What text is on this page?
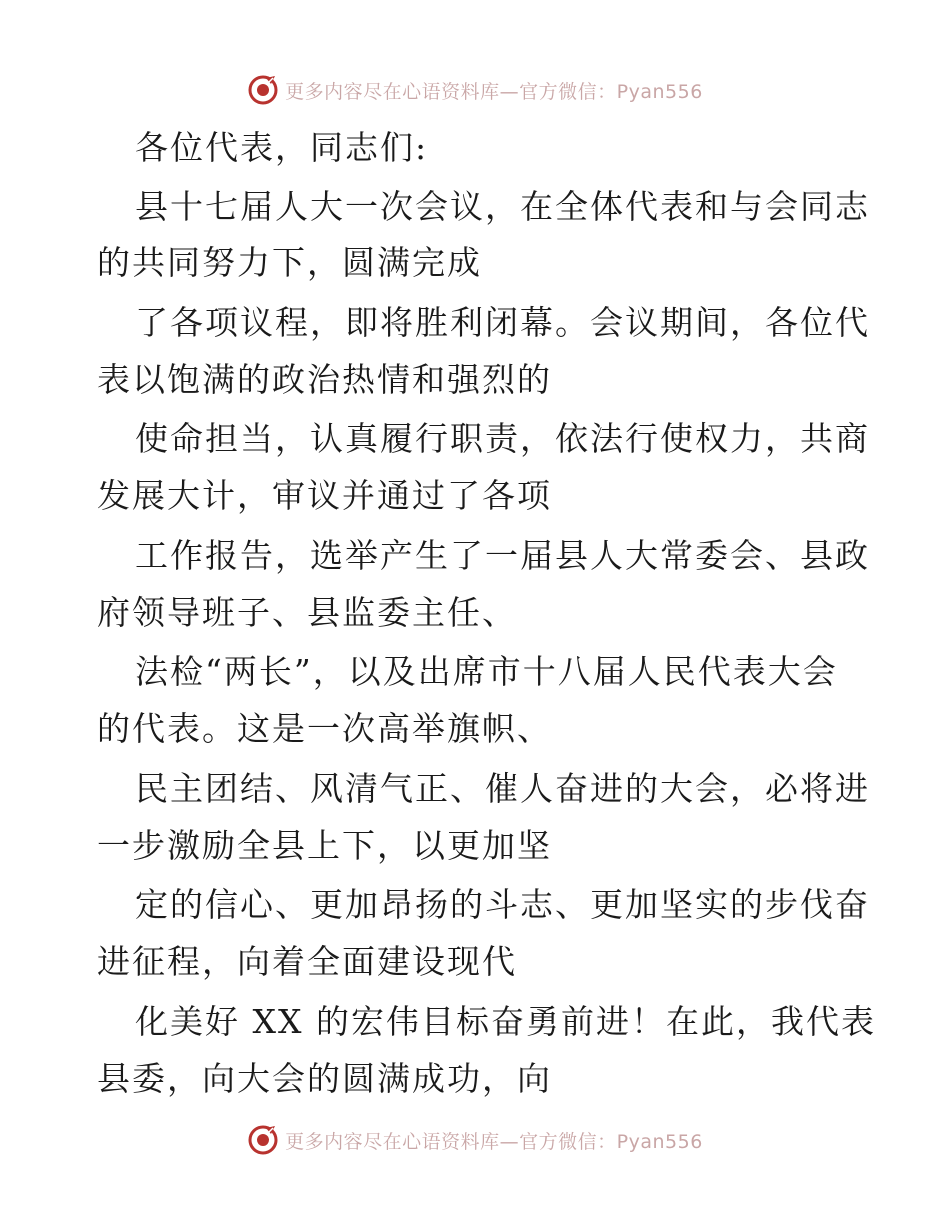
更多内容尽在心语资料库—官方微信：Pyan556
各位代表，同志们:
县十七届人大一次会议，在全体代表和与会同志
的共同努力下，圆满完成
了各项议程，即将胜利闭幕。会议期间，各位代
表以饱满的政治热情和强烈的
使命担当，认真履行职责，依法行使权力，共商
发展大计，审议并通过了各项
工作报告，选举产生了一届县人大常委会、县政
府领导班子、县监委主任、
法检“两长”，以及出席市十八届人民代表大会
的代表。这是一次高举旗帜、
民主团结、风清气正、催人奋进的大会，必将进
一步激励全县上下，以更加坚
定的信心、更加昂扬的斗志、更加坚实的步伐奋
进征程，向着全面建设现代
化美好 XX 的宏伟目标奋勇前进！在此，我代表
县委，向大会的圆满成功，向
更多内容尽在心语资料库—官方微信：Pyan556
